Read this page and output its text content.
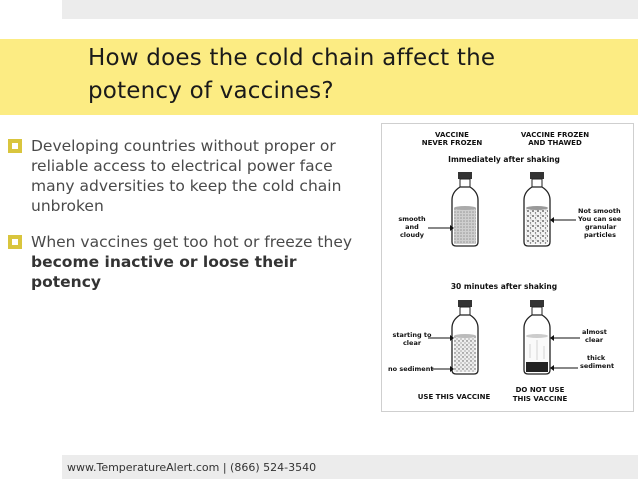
How does the cold chain affect the
potency of vaccines?
Developing countries without proper or reliable access to electrical power face many adversities to keep the cold chain unbroken
When vaccines get too hot or freeze they become inactive or loose their potency
VACCINE
NEVER FROZEN
VACCINE FROZEN
AND THAWED
Immediately after shaking
smooth
and
cloudy
Not smooth
You can see
granular
particles
30 minutes after shaking
starting to
clear
no sediment
almost
clear
thick
sediment
USE THIS VACCINE
DO NOT USE
THIS VACCINE
www.TemperatureAlert.com | (866) 524-3540
